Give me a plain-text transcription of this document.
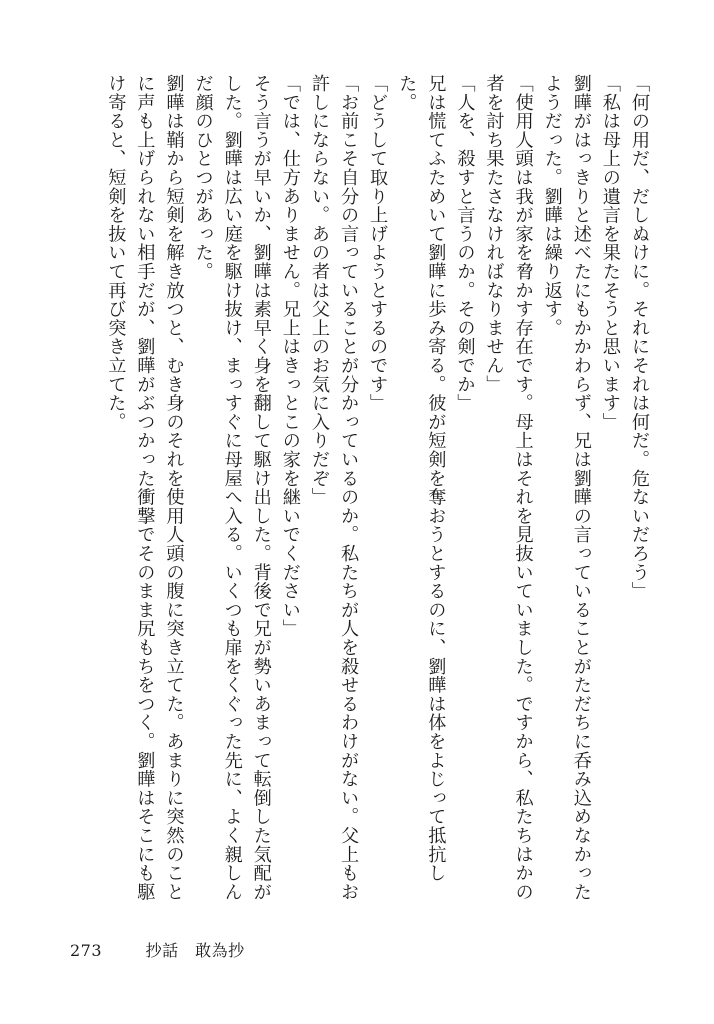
「何の用だ、だしぬけに。それにそれは何だ。危ないだろう」

「私は母上の遺言を果たそうと思います」

劉曄がはっきりと述べたにもかかわらず、兄は劉曄の言っていることがただちに呑み込めなかったようだった。劉曄は繰り返す。

「使用人頭は我が家を脅かす存在です。母上はそれを見抜いていました。ですから、私たちはかの者を討ち果たさなければなりません」

「人を、殺すと言うのか。その剣でか」

兄は慌てふためいて劉曄に歩み寄る。彼が短剣を奪おうとするのに、劉曄は体をよじって抵抗した。

「どうして取り上げようとするのです」

「お前こそ自分の言っていることが分かっているのか。私たちが人を殺せるわけがない。父上もお許しにならない。あの者は父上のお気に入りだぞ」

「では、仕方ありません。兄上はきっとこの家を継いでください」

そう言うが早いか、劉曄は素早く身を翻して駆け出した。背後で兄が勢いあまって転倒した気配がした。劉曄は広い庭を駆け抜け、まっすぐに母屋へ入る。いくつも扉をくぐった先に、よく親しんだ顔のひとつがあった。

劉曄は鞘から短剣を解き放つと、むき身のそれを使用人頭の腹に突き立てた。あまりに突然のことに声も上げられない相手だが、劉曄がぶつかった衝撃でそのまま尻もちをつく。劉曄はそこにも駆け寄ると、短剣を抜いて再び突き立てた。

273	抄話　敢為抄
